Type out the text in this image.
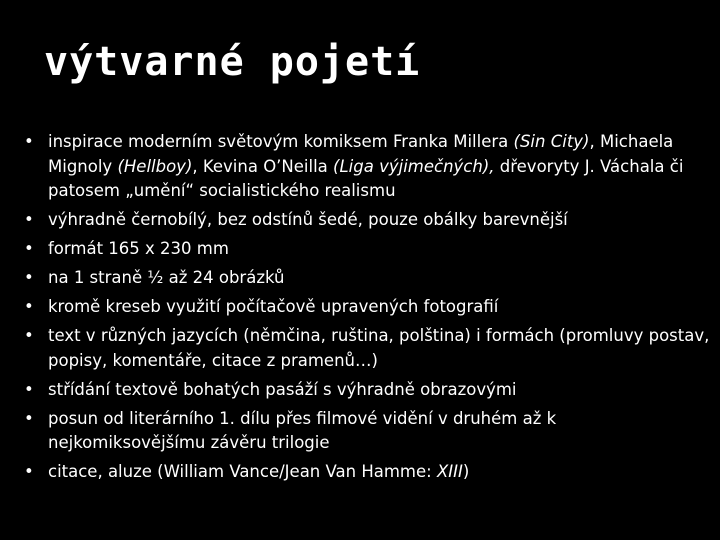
výtvarné pojetí
• inspirace moderním světovým komiksem Franka Millera (Sin City), Michaela Mignoly (Hellboy), Kevina O’Neilla (Liga výjimečných), dřevoryty J. Váchala či patosem „umění“ socialistického realismu
• výhradně černobílý, bez odstínů šedé, pouze obálky barevnější
• formát 165 x 230 mm
• na 1 straně ½ až 24 obrázků
• kromě kreseb využití počítačově upravených fotografií
• text v různých jazycích (němčina, ruština, polština) i formách (promluvy postav, popisy, komentáře, citace z pramenů…)
• střídání textově bohatých pasáží s výhradně obrazovými
• posun od literárního 1. dílu přes filmové vidění v druhém až k nejkomiksovějšímu závěru trilogie
• citace, aluze (William Vance/Jean Van Hamme: XIII)
